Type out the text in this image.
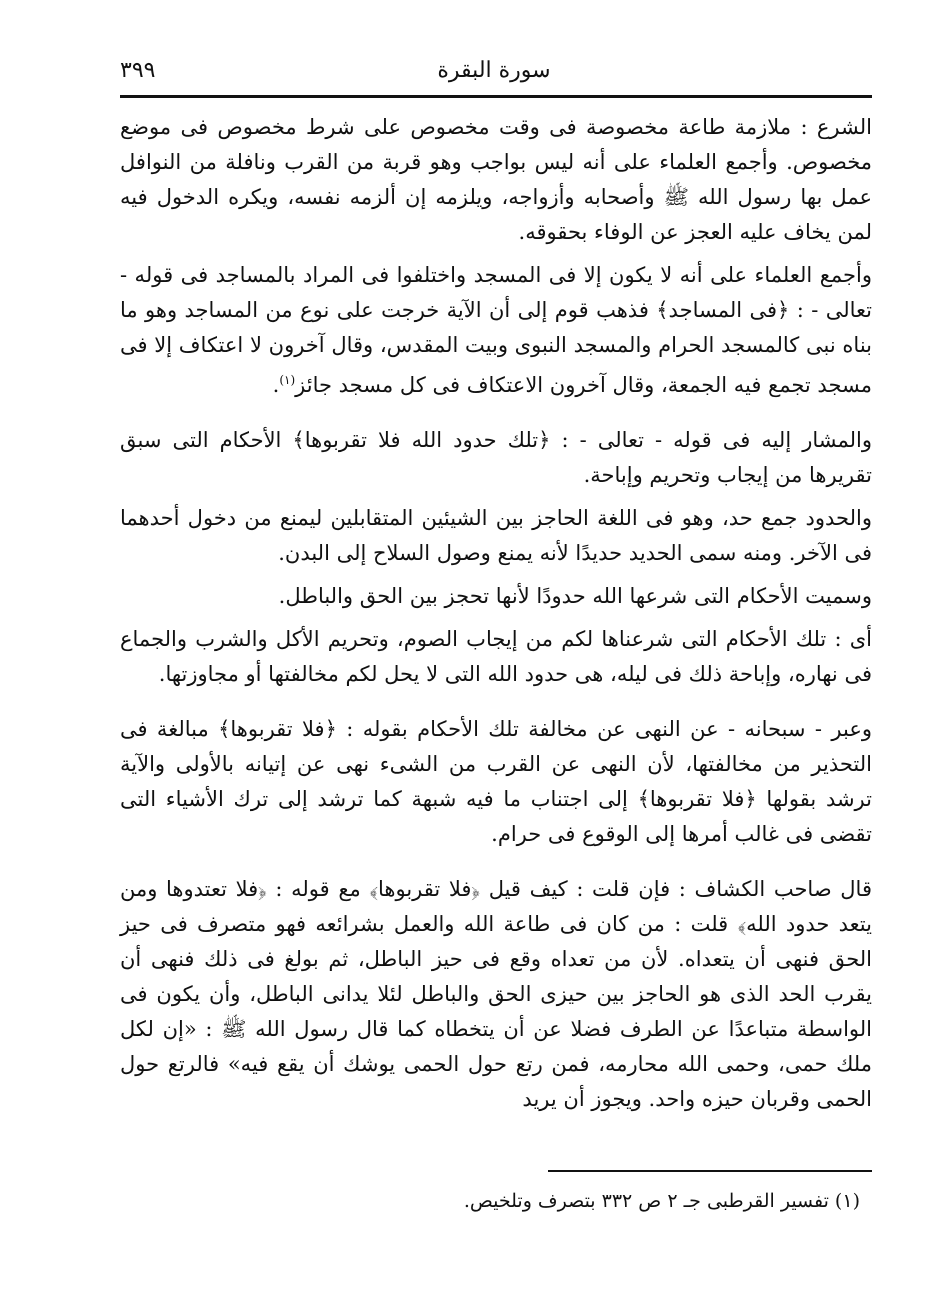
٣٩٩	سورة البقرة

الشرع : ملازمة طاعة مخصوصة فى وقت مخصوص على شرط مخصوص فى موضع مخصوص. وأجمع العلماء على أنه ليس بواجب وهو قربة من القرب ونافلة من النوافل عمل بها رسول الله ﷺ وأصحابه وأزواجه، ويلزمه إن ألزمه نفسه، ويكره الدخول فيه لمن يخاف عليه العجز عن الوفاء بحقوقه.

وأجمع العلماء على أنه لا يكون إلا فى المسجد واختلفوا فى المراد بالمساجد فى قوله - تعالى - : ﴿فى المساجد﴾ فذهب قوم إلى أن الآية خرجت على نوع من المساجد وهو ما بناه نبى كالمسجد الحرام والمسجد النبوى وبيت المقدس، وقال آخرون لا اعتكاف إلا فى مسجد تجمع فيه الجمعة، وقال آخرون الاعتكاف فى كل مسجد جائز$^{(١)}$.

والمشار إليه فى قوله - تعالى - : ﴿تلك حدود الله فلا تقربوها﴾ الأحكام التى سبق تقريرها من إيجاب وتحريم وإباحة.

والحدود جمع حد، وهو فى اللغة الحاجز بين الشيئين المتقابلين ليمنع من دخول أحدهما فى الآخر. ومنه سمى الحديد حديدًا لأنه يمنع وصول السلاح إلى البدن.

وسميت الأحكام التى شرعها الله حدودًا لأنها تحجز بين الحق والباطل.

أى : تلك الأحكام التى شرعناها لكم من إيجاب الصوم، وتحريم الأكل والشرب والجماع فى نهاره، وإباحة ذلك فى ليله، هى حدود الله التى لا يحل لكم مخالفتها أو مجاوزتها.

وعبر - سبحانه - عن النهى عن مخالفة تلك الأحكام بقوله : ﴿فلا تقربوها﴾ مبالغة فى التحذير من مخالفتها، لأن النهى عن القرب من الشىء نهى عن إتيانه بالأولى والآية ترشد بقولها ﴿فلا تقربوها﴾ إلى اجتناب ما فيه شبهة كما ترشد إلى ترك الأشياء التى تقضى فى غالب أمرها إلى الوقوع فى حرام.

قال صاحب الكشاف : فإن قلت : كيف قيل ﴿فلا تقربوها﴾ مع قوله : ﴿فلا تعتدوها ومن يتعد حدود الله﴾ قلت : من كان فى طاعة الله والعمل بشرائعه فهو متصرف فى حيز الحق فنهى أن يتعداه. لأن من تعداه وقع فى حيز الباطل، ثم بولغ فى ذلك فنهى أن يقرب الحد الذى هو الحاجز بين حيزى الحق والباطل لئلا يدانى الباطل، وأن يكون فى الواسطة متباعدًا عن الطرف فضلا عن أن يتخطاه كما قال رسول الله ﷺ : «إن لكل ملك حمى، وحمى الله محارمه، فمن رتع حول الحمى يوشك أن يقع فيه» فالرتع حول الحمى وقربان حيزه واحد. ويجوز أن يريد

(١) تفسير القرطبى جـ ٢ ص ٣٣٢ بتصرف وتلخيص.
